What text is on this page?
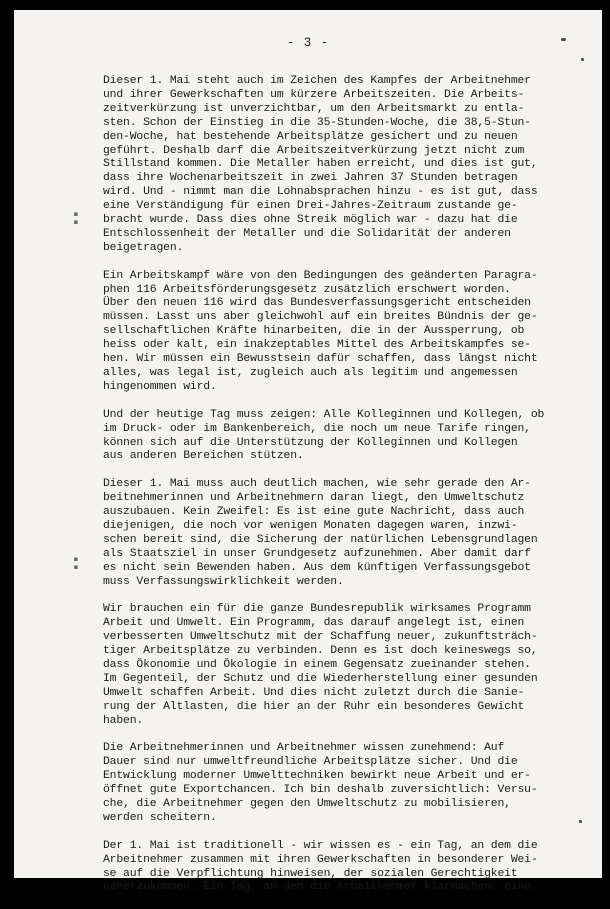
- 3 -
▪▪
▪▪
Dieser 1. Mai steht auch im Zeichen des Kampfes der Arbeitnehmer
und ihrer Gewerkschaften um kürzere Arbeitszeiten. Die Arbeits-
zeitverkürzung ist unverzichtbar, um den Arbeitsmarkt zu entla-
sten. Schon der Einstieg in die 35-Stunden-Woche, die 38,5-Stun-
den-Woche, hat bestehende Arbeitsplätze gesichert und zu neuen
geführt. Deshalb darf die Arbeitszeitverkürzung jetzt nicht zum
Stillstand kommen. Die Metaller haben erreicht, und dies ist gut,
dass ihre Wochenarbeitszeit in zwei Jahren 37 Stunden betragen
wird. Und - nimmt man die Lohnabsprachen hinzu - es ist gut, dass
eine Verständigung für einen Drei-Jahres-Zeitraum zustande ge-
bracht wurde. Dass dies ohne Streik möglich war - dazu hat die
Entschlossenheit der Metaller und die Solidarität der anderen
beigetragen.
Ein Arbeitskampf wäre von den Bedingungen des geänderten Paragra-
phen 116 Arbeitsförderungsgesetz zusätzlich erschwert worden.
Über den neuen 116 wird das Bundesverfassungsgericht entscheiden
müssen. Lasst uns aber gleichwohl auf ein breites Bündnis der ge-
sellschaftlichen Kräfte hinarbeiten, die in der Aussperrung, ob
heiss oder kalt, ein inakzeptables Mittel des Arbeitskampfes se-
hen. Wir müssen ein Bewusstsein dafür schaffen, dass längst nicht
alles, was legal ist, zugleich auch als legitim und angemessen
hingenommen wird.
Und der heutige Tag muss zeigen: Alle Kolleginnen und Kollegen, ob
im Druck- oder im Bankenbereich, die noch um neue Tarife ringen,
können sich auf die Unterstützung der Kolleginnen und Kollegen
aus anderen Bereichen stützen.
Dieser 1. Mai muss auch deutlich machen, wie sehr gerade den Ar-
beitnehmerinnen und Arbeitnehmern daran liegt, den Umweltschutz
auszubauen. Kein Zweifel: Es ist eine gute Nachricht, dass auch
diejenigen, die noch vor wenigen Monaten dagegen waren, inzwi-
schen bereit sind, die Sicherung der natürlichen Lebensgrundlagen
als Staatsziel in unser Grundgesetz aufzunehmen. Aber damit darf
es nicht sein Bewenden haben. Aus dem künftigen Verfassungsgebot
muss Verfassungswirklichkeit werden.
Wir brauchen ein für die ganze Bundesrepublik wirksames Programm
Arbeit und Umwelt. Ein Programm, das darauf angelegt ist, einen
verbesserten Umweltschutz mit der Schaffung neuer, zukunftsträch-
tiger Arbeitsplätze zu verbinden. Denn es ist doch keineswegs so,
dass Ökonomie und Ökologie in einem Gegensatz zueinander stehen.
Im Gegenteil, der Schutz und die Wiederherstellung einer gesunden
Umwelt schaffen Arbeit. Und dies nicht zuletzt durch die Sanie-
rung der Altlasten, die hier an der Ruhr ein besonderes Gewicht
haben.
Die Arbeitnehmerinnen und Arbeitnehmer wissen zunehmend: Auf
Dauer sind nur umweltfreundliche Arbeitsplätze sicher. Und die
Entwicklung moderner Umwelttechniken bewirkt neue Arbeit und er-
öffnet gute Exportchancen. Ich bin deshalb zuversichtlich: Versu-
che, die Arbeitnehmer gegen den Umweltschutz zu mobilisieren,
werden scheitern.
Der 1. Mai ist traditionell - wir wissen es - ein Tag, an dem die
Arbeitnehmer zusammen mit ihren Gewerkschaften in besonderer Wei-
se auf die Verpflichtung hinweisen, der sozialen Gerechtigkeit
näherzukommen. Ein Tag, an dem die Arbeitnehmer klarmachen: eine
